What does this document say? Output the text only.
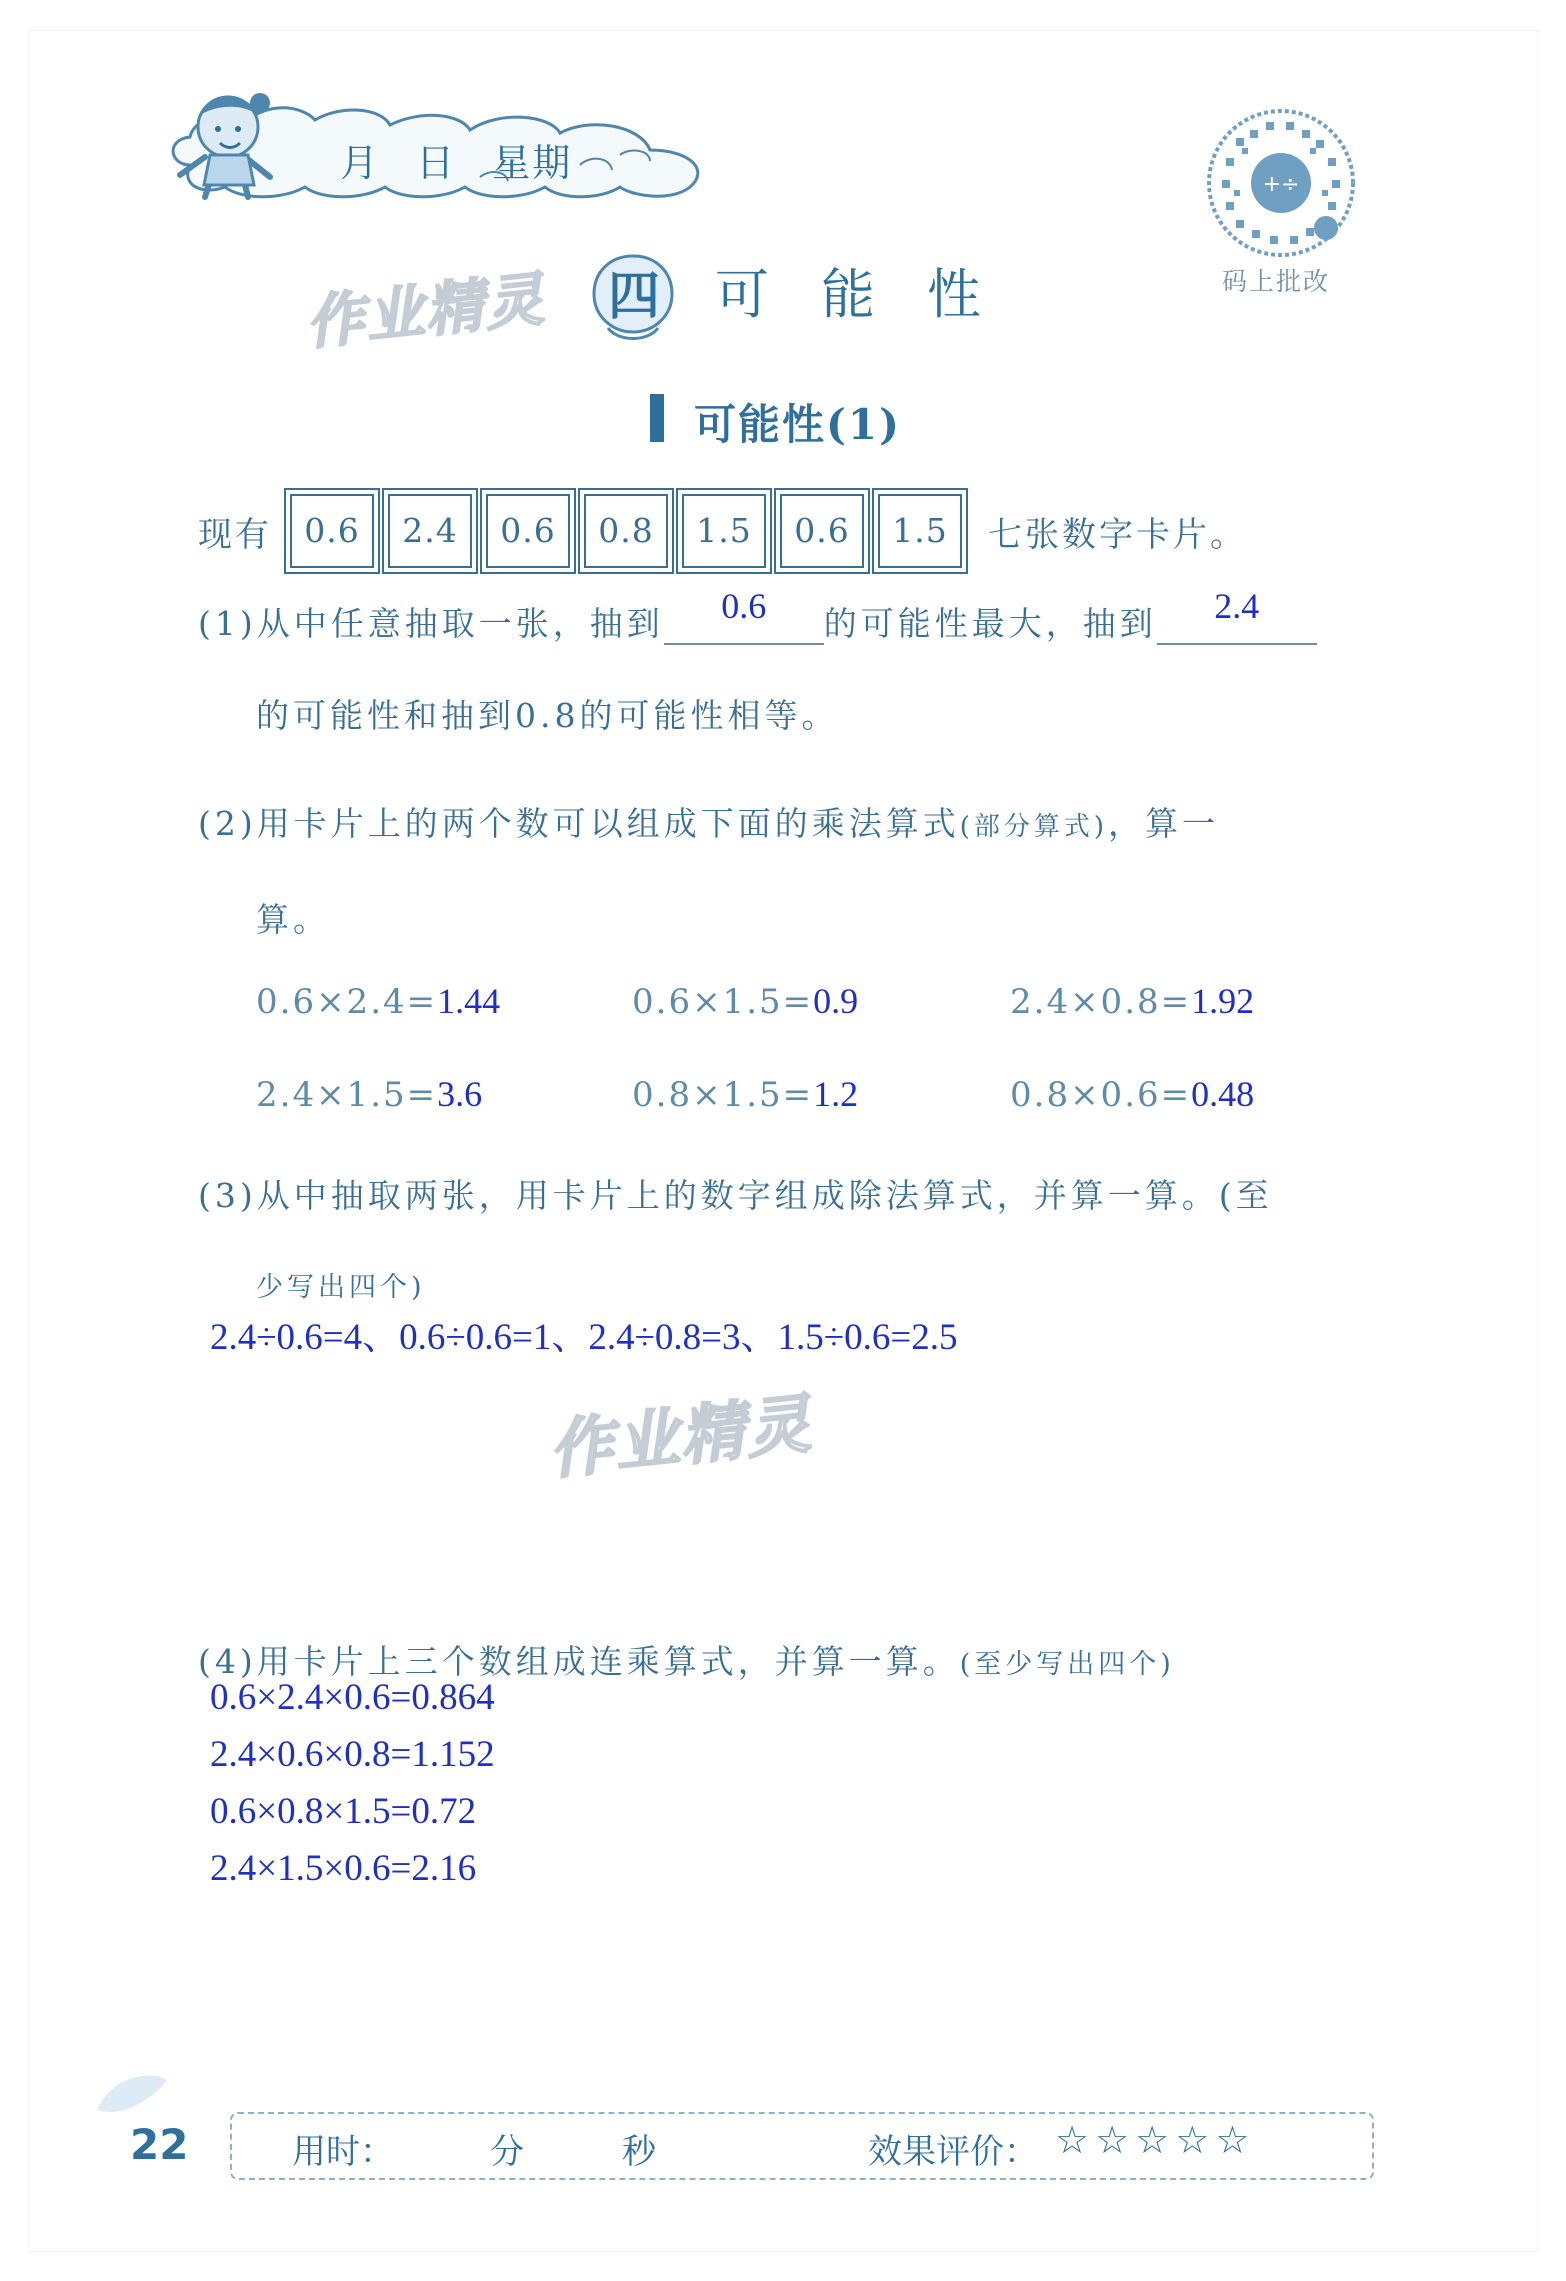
月 日 星期	+÷
码上批改
作业精灵
作业精灵
四 可能性
可能性(1)
现有 0.6	2.4	0.6	0.8	1.5	0.6	1.5	七张数字卡片。
(1)从中任意抽取一张，抽到	0.6	的可能性最大，抽到	2.4
的可能性和抽到0.8的可能性相等。
(2)用卡片上的两个数可以组成下面的乘法算式(部分算式)，算一
算。
0.6×2.4=1.44	0.6×1.5=0.9	2.4×0.8=1.92
2.4×1.5=3.6	0.8×1.5=1.2	0.8×0.6=0.48
(3)从中抽取两张，用卡片上的数字组成除法算式，并算一算。(至
少写出四个)
2.4÷0.6=4、0.6÷0.6=1、2.4÷0.8=3、1.5÷0.6=2.5
(4)用卡片上三个数组成连乘算式，并算一算。(至少写出四个)
0.6×2.4×0.6=0.864
2.4×0.6×0.8=1.152
0.6×0.8×1.5=0.72
2.4×1.5×0.6=2.16
22	用时：	分	秒	效果评价： ☆ ☆ ☆ ☆ ☆
